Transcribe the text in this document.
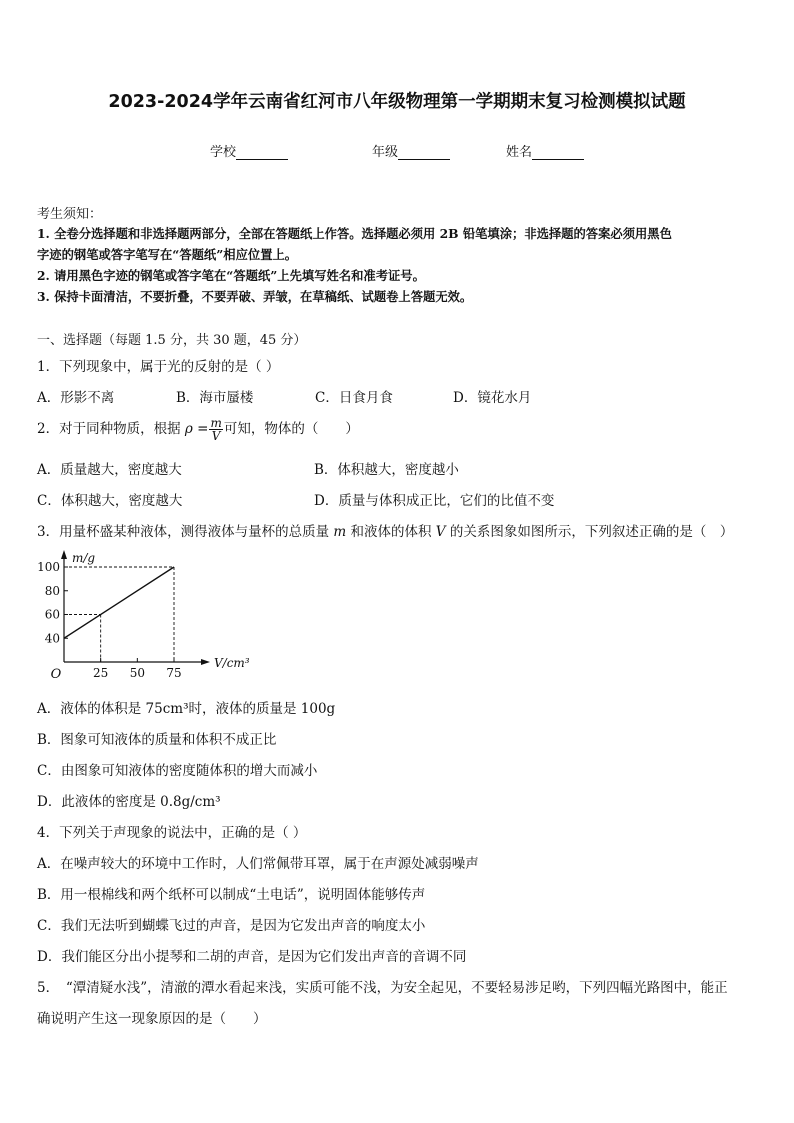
2023-2024学年云南省红河市八年级物理第一学期期末复习检测模拟试题
学校	年级	姓名
考生须知：
1. 全卷分选择题和非选择题两部分，全部在答题纸上作答。选择题必须用 2B 铅笔填涂；非选择题的答案必须用黑色
字迹的钢笔或答字笔写在“答题纸”相应位置上。
2. 请用黑色字迹的钢笔或答字笔在“答题纸”上先填写姓名和准考证号。
3. 保持卡面清洁，不要折叠，不要弄破、弄皱，在草稿纸、试题卷上答题无效。
一、选择题（每题 1.5 分，共 30 题，45 分）
1．下列现象中，属于光的反射的是（ ）
A．形影不离	B．海市蜃楼	C．日食月食	D．镜花水月
2．对于同种物质，根据 $\rho = \frac{m}{V}$ 可知，物体的（　　）
A．质量越大，密度越大	B．体积越大，密度越小
C．体积越大，密度越大	D．质量与体积成正比，它们的比值不变
3．用量杯盛某种液体，测得液体与量杯的总质量 m 和液体的体积 V 的关系图象如图所示，下列叙述正确的是（　）
40
60
80
100
25 50 75
O
m/g
V/cm³
A．液体的体积是 75cm³时，液体的质量是 100g
B．图象可知液体的质量和体积不成正比
C．由图象可知液体的密度随体积的增大而减小
D．此液体的密度是 0.8g/cm³
4．下列关于声现象的说法中，正确的是（ ）
A．在噪声较大的环境中工作时，人们常佩带耳罩，属于在声源处减弱噪声
B．用一根棉线和两个纸杯可以制成“土电话”，说明固体能够传声
C．我们无法听到蝴蝶飞过的声音，是因为它发出声音的响度太小
D．我们能区分出小提琴和二胡的声音，是因为它们发出声音的音调不同
5．　“潭清疑水浅”，清澈的潭水看起来浅，实质可能不浅，为安全起见，不要轻易涉足哟，下列四幅光路图中，能正
确说明产生这一现象原因的是（　　）
